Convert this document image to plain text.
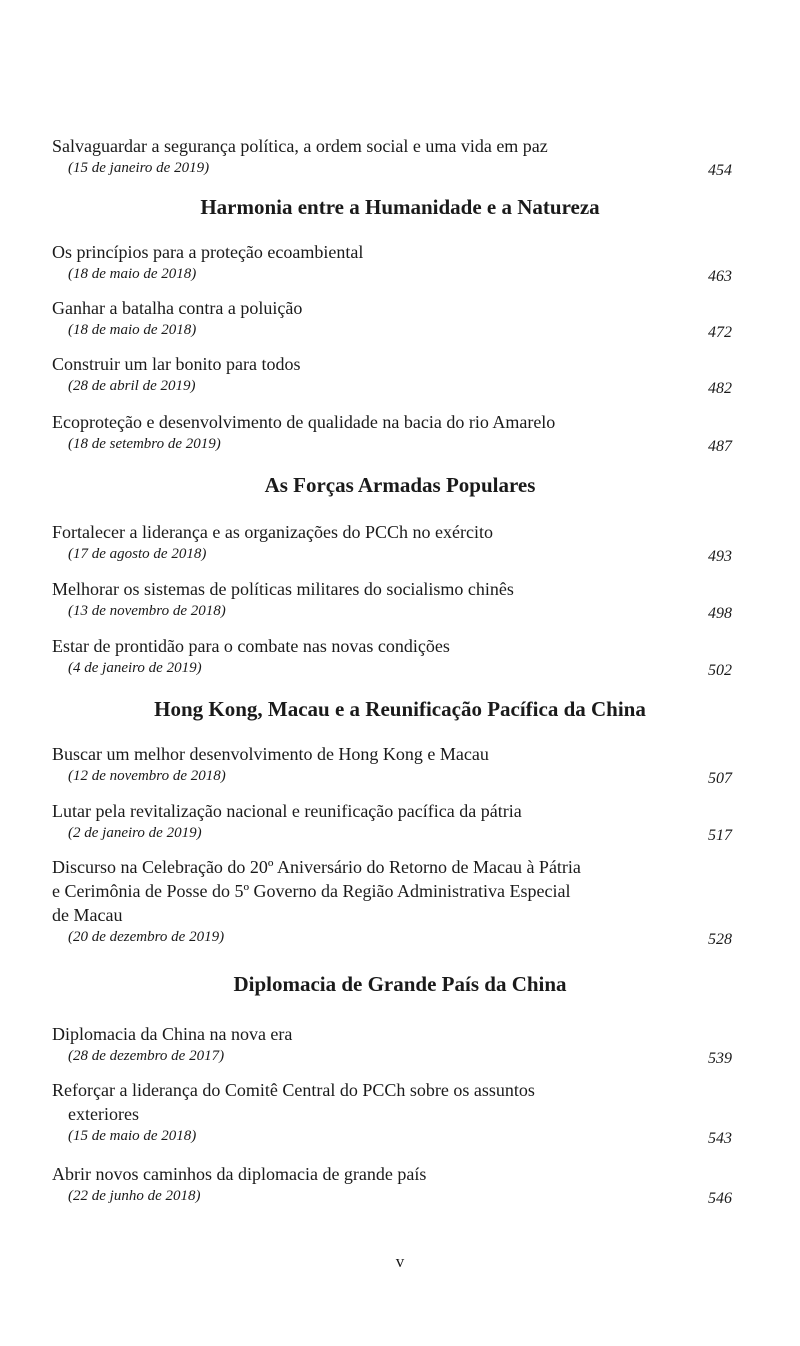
Salvaguardar a segurança política, a ordem social e uma vida em paz
(15 de janeiro de 2019)	454
Harmonia entre a Humanidade e a Natureza
Os princípios para a proteção ecoambiental
(18 de maio de 2018)	463
Ganhar a batalha contra a poluição
(18 de maio de 2018)	472
Construir um lar bonito para todos
(28 de abril de 2019)	482
Ecoproteção e desenvolvimento de qualidade na bacia do rio Amarelo
(18 de setembro de 2019)	487
As Forças Armadas Populares
Fortalecer a liderança e as organizações do PCCh no exército
(17 de agosto de 2018)	493
Melhorar os sistemas de políticas militares do socialismo chinês
(13 de novembro de 2018)	498
Estar de prontidão para o combate nas novas condições
(4 de janeiro de 2019)	502
Hong Kong, Macau e a Reunificação Pacífica da China
Buscar um melhor desenvolvimento de Hong Kong e Macau
(12 de novembro de 2018)	507
Lutar pela revitalização nacional e reunificação pacífica da pátria
(2 de janeiro de 2019)	517
Discurso na Celebração do 20º Aniversário do Retorno de Macau à Pátria
e Cerimônia de Posse do 5º Governo da Região Administrativa Especial
de Macau
(20 de dezembro de 2019)	528
Diplomacia de Grande País da China
Diplomacia da China na nova era
(28 de dezembro de 2017)	539
Reforçar a liderança do Comitê Central do PCCh sobre os assuntos
exteriores
(15 de maio de 2018)	543
Abrir novos caminhos da diplomacia de grande país
(22 de junho de 2018)	546
v
